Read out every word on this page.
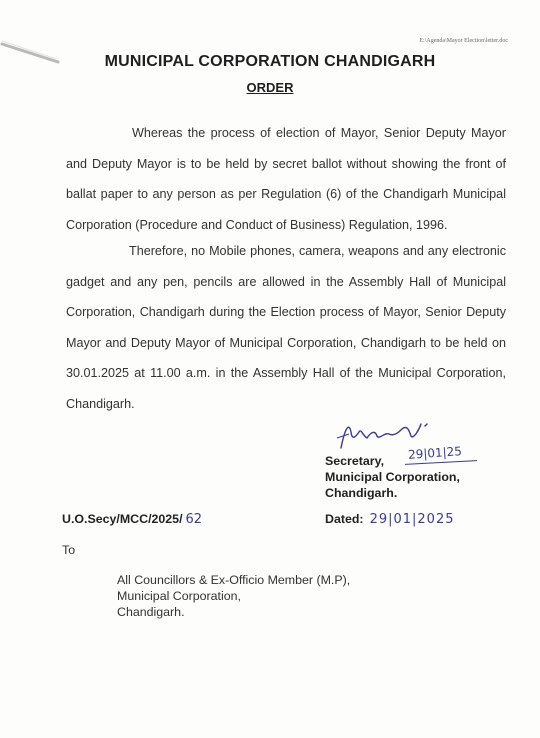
E:\Agenda\Mayor Election\letter.doc
MUNICIPAL CORPORATION CHANDIGARH
ORDER
Whereas the process of election of Mayor, Senior Deputy Mayor and Deputy Mayor is to be held by secret ballot without showing the front of ballat paper to any person as per Regulation (6) of the Chandigarh Municipal Corporation (Procedure and Conduct of Business) Regulation, 1996.
Therefore, no Mobile phones, camera, weapons and any electronic gadget and any pen, pencils are allowed in the Assembly Hall of Municipal Corporation, Chandigarh during the Election process of Mayor, Senior Deputy Mayor and Deputy Mayor of Municipal Corporation, Chandigarh to be held on 30.01.2025 at 11.00 a.m. in the Assembly Hall of the Municipal Corporation, Chandigarh.
29|01|25
Secretary,
Municipal Corporation,
Chandigarh.
U.O.Secy/MCC/2025/ 62	Dated: 29|01|2025
To
All Councillors & Ex-Officio Member (M.P),
Municipal Corporation,
Chandigarh.
